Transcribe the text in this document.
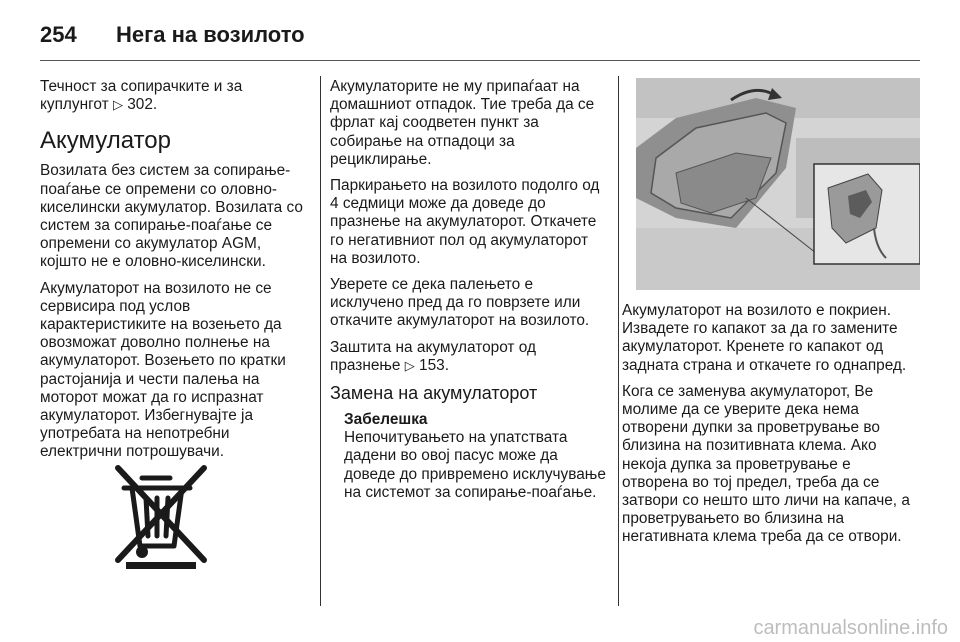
254 Нега на возилото

Течност за сопирачките и за куплунгот ▷ 302.

Акумулатор

Возилата без систем за сопирање-поаѓање се опремени со оловно-киселински акумулатор. Возилата со систем за сопирање-поаѓање се опремени со акумулатор AGM, којшто не е оловно-киселински.

Акумулаторот на возилото не се сервисира под услов карактеристиките на возењето да овозможат доволно полнење на акумулаторот. Возењето по кратки растојанија и чести палења на моторот можат да го испразнат акумулаторот. Избегнувајте ја употребата на непотребни електрични потрошувачи.

Акумулаторите не му припаѓаат на домашниот отпадок. Тие треба да се фрлат кај соодветен пункт за собирање на отпадоци за рециклирање.

Паркирањето на возилото подолго од 4 седмици може да доведе до празнење на акумулаторот. Откачете го негативниот пол од акумулаторот на возилото.

Уверете се дека палењето е исклучено пред да го поврзете или откачите акумулаторот на возилото.

Заштита на акумулаторот од празнење ▷ 153.

Замена на акумулаторот
Забелешка
Непочитувањето на упатствата дадени во овој пасус може да доведе до привремено исклучување на системот за сопирање-поаѓање.

Акумулаторот на возилото е покриен. Извадете го капакот за да го замените акумулаторот. Кренете го капакот од задната страна и откачете го однапред.

Кога се заменува акумулаторот, Ве молиме да се уверите дека нема отворени дупки за проветрување во близина на позитивната клема. Ако некоја дупка за проветрување е отворена во тој предел, треба да се затвори со нешто што личи на капаче, а проветрувањето во близина на негативната клема треба да се отвори.

carmanualsonline.info
